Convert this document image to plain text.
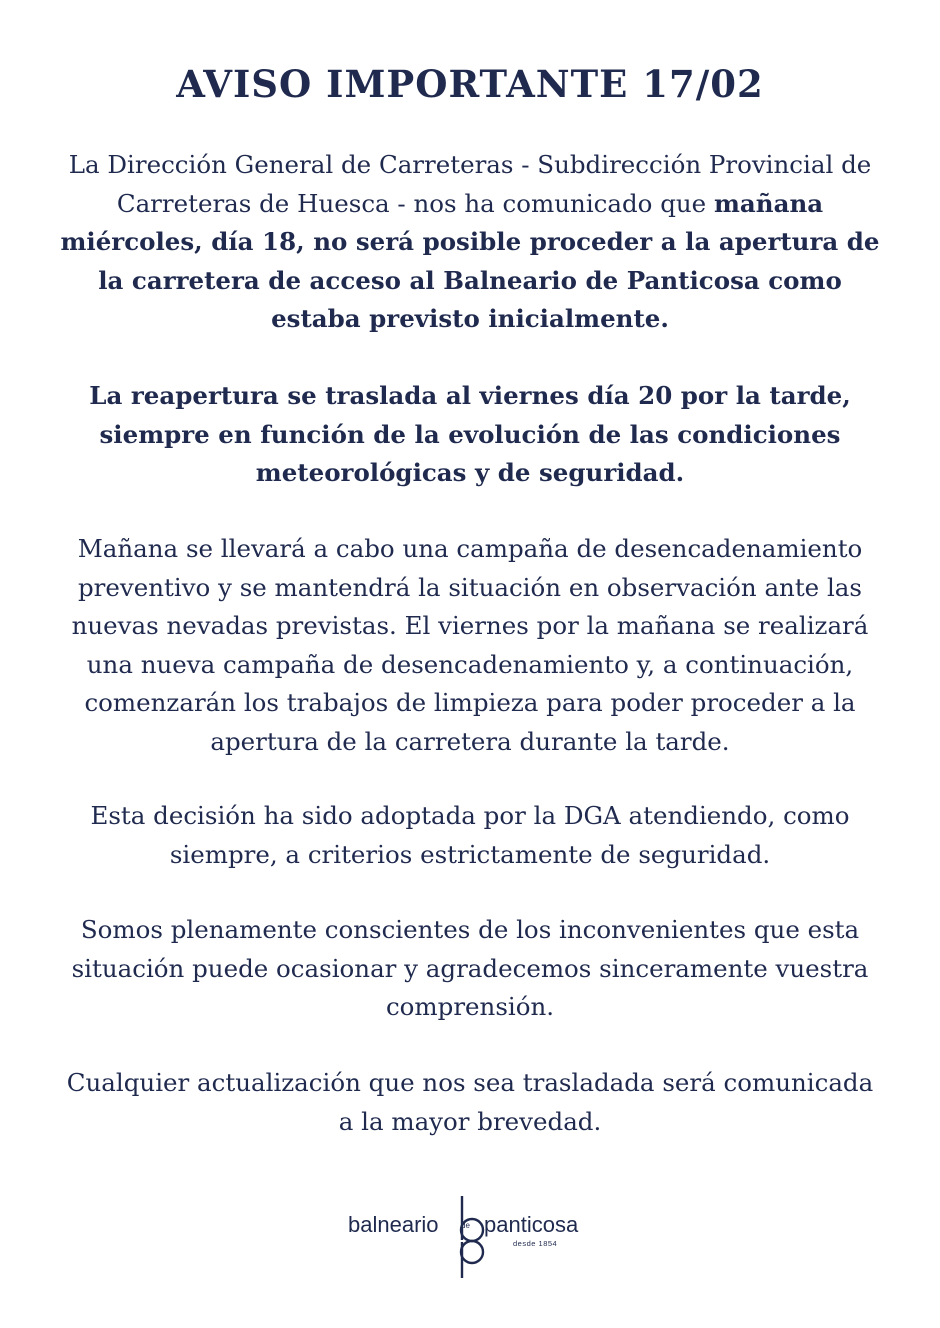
AVISO IMPORTANTE 17/02

La Dirección General de Carreteras - Subdirección Provincial de Carreteras de Huesca - nos ha comunicado que mañana miércoles, día 18, no será posible proceder a la apertura de la carretera de acceso al Balneario de Panticosa como estaba previsto inicialmente.

La reapertura se traslada al viernes día 20 por la tarde, siempre en función de la evolución de las condiciones meteorológicas y de seguridad.

Mañana se llevará a cabo una campaña de desencadenamiento preventivo y se mantendrá la situación en observación ante las nuevas nevadas previstas. El viernes por la mañana se realizará una nueva campaña de desencadenamiento y, a continuación, comenzarán los trabajos de limpieza para poder proceder a la apertura de la carretera durante la tarde.

Esta decisión ha sido adoptada por la DGA atendiendo, como siempre, a criterios estrictamente de seguridad.

Somos plenamente conscientes de los inconvenientes que esta situación puede ocasionar y agradecemos sinceramente vuestra comprensión.

Cualquier actualización que nos sea trasladada será comunicada a la mayor brevedad.

balneario	de panticosa
desde 1854
